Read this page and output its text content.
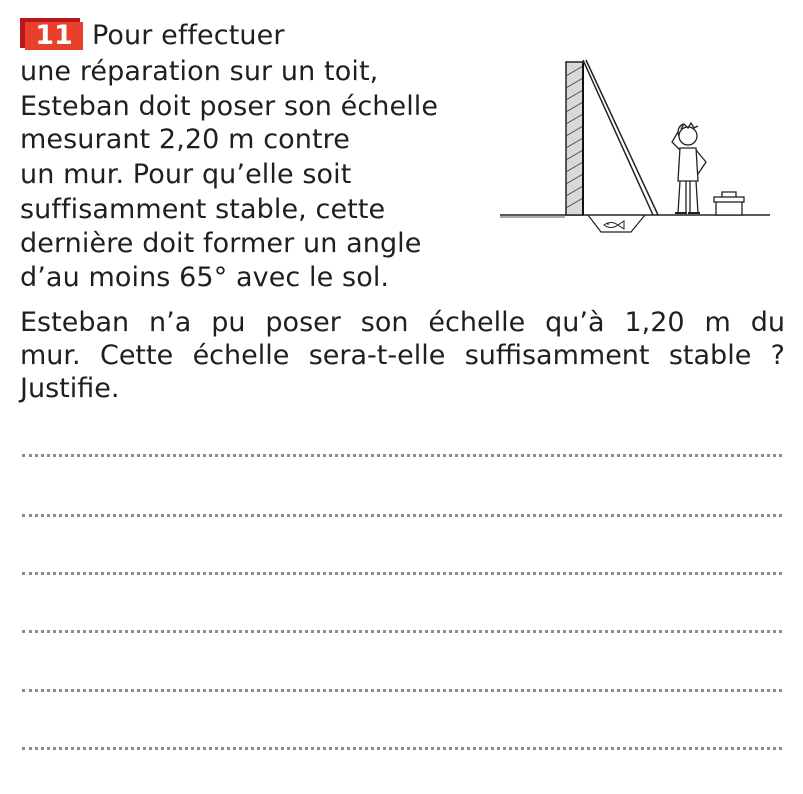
11 Pour effectuer
une réparation sur un toit,
Esteban doit poser son échelle
mesurant 2,20 m contre
un mur. Pour qu’elle soit
suffisamment stable, cette
dernière doit former un angle
d’au moins 65° avec le sol.
Esteban n’a pu poser son échelle qu’à 1,20 m du
mur. Cette échelle sera-t-elle suffisamment stable ?
Justifie.
